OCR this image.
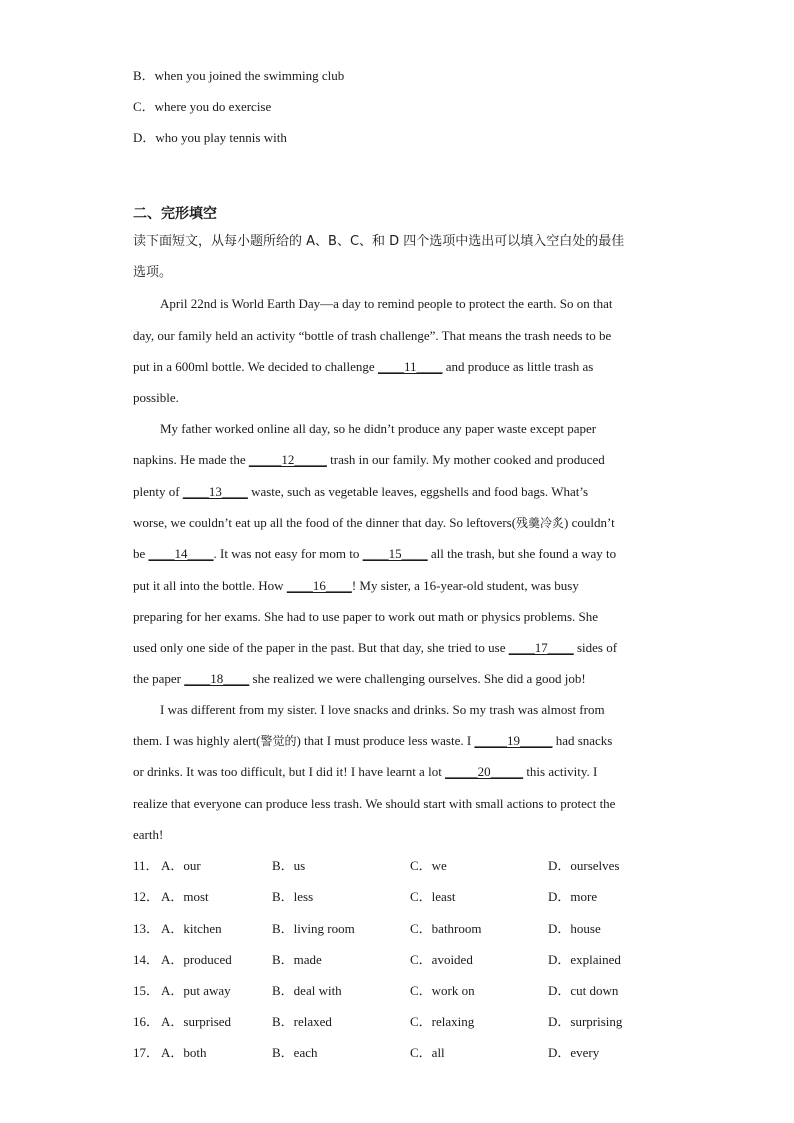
B．when you joined the swimming club
C．where you do exercise
D．who you play tennis with
二、完形填空
读下面短文，从每小题所给的 A、B、C、和 D 四个选项中选出可以填入空白处的最佳
选项。
April 22nd is World Earth Day—a day to remind people to protect the earth. So on that
day, our family held an activity “bottle of trash challenge”. That means the trash needs to be
put in a 600ml bottle. We decided to challenge ____11____ and produce as little trash as
possible.
My father worked online all day, so he didn’t produce any paper waste except paper
napkins. He made the _____12_____ trash in our family. My mother cooked and produced
plenty of ____13____ waste, such as vegetable leaves, eggshells and food bags. What’s
worse, we couldn’t eat up all the food of the dinner that day. So leftovers(残羹冷炙) couldn’t
be ____14____. It was not easy for mom to ____15____ all the trash, but she found a way to
put it all into the bottle. How ____16____! My sister, a 16-year-old student, was busy
preparing for her exams. She had to use paper to work out math or physics problems. She
used only one side of the paper in the past. But that day, she tried to use ____17____ sides of
the paper ____18____ she realized we were challenging ourselves. She did a good job!
I was different from my sister. I love snacks and drinks. So my trash was almost from
them. I was highly alert(警觉的) that I must produce less waste. I _____19_____ had snacks
or drinks. It was too difficult, but I did it! I have learnt a lot _____20_____ this activity. I
realize that everyone can produce less trash. We should start with small actions to protect the
earth!
11． A．our	B．us	C．we	D．ourselves
12． A．most	B．less	C．least	D．more
13． A．kitchen	B．living room	C．bathroom	D．house
14． A．produced	B．made	C．avoided	D．explained
15． A．put away	B．deal with	C．work on	D．cut down
16． A．surprised	B．relaxed	C．relaxing	D．surprising
17． A．both	B．each	C．all	D．every
